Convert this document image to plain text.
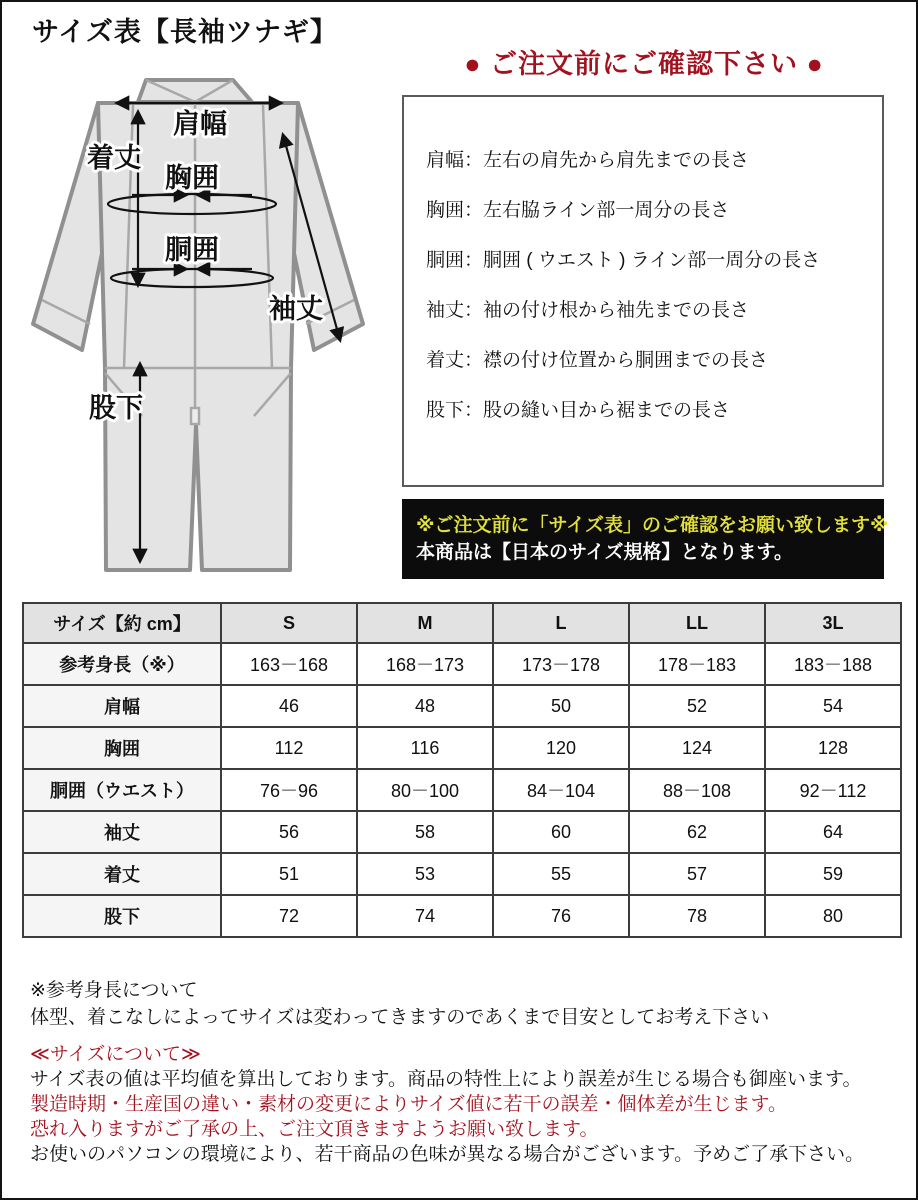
サイズ表【長袖ツナギ】
肩幅
着丈
胸囲
胴囲
袖丈
股下
● ご注文前にご確認下さい ●
肩幅：左右の肩先から肩先までの長さ
胸囲：左右脇ライン部一周分の長さ
胴囲：胴囲 ( ウエスト ) ライン部一周分の長さ
袖丈：袖の付け根から袖先までの長さ
着丈：襟の付け位置から胴囲までの長さ
股下：股の縫い目から裾までの長さ
※ご注文前に「サイズ表」のご確認をお願い致します※
本商品は【日本のサイズ規格】となります。
サイズ【約 cm】	S	M	L	LL	3L
参考身長（※）	163－168	168－173	173－178	178－183	183－188
肩幅	46	48	50	52	54
胸囲	112	116	120	124	128
胴囲（ウエスト）	76－96	80－100	84－104	88－108	92－112
袖丈	56	58	60	62	64
着丈	51	53	55	57	59
股下	72	74	76	78	80
※参考身長について
体型、着こなしによってサイズは変わってきますのであくまで目安としてお考え下さい
≪サイズについて≫
サイズ表の値は平均値を算出しております。商品の特性上により誤差が生じる場合も御座います。
製造時期・生産国の違い・素材の変更によりサイズ値に若干の誤差・個体差が生じます。
恐れ入りますがご了承の上、ご注文頂きますようお願い致します。
お使いのパソコンの環境により、若干商品の色味が異なる場合がございます。予めご了承下さい。
